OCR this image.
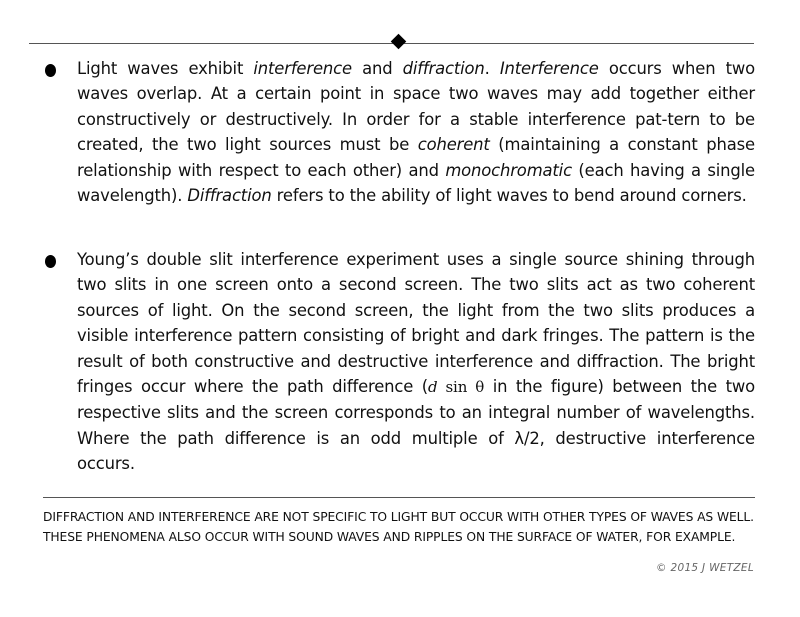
Light waves exhibit interference and diffraction. Interference occurs when two waves overlap. At a certain point in space two waves may add together either constructively or destructively. In order for a stable interference pat-tern to be created, the two light sources must be coherent (maintaining a constant phase relationship with respect to each other) and monochromatic (each having a single wavelength). Diffraction refers to the ability of light waves to bend around corners.
Young’s double slit interference experiment uses a single source shining through two slits in one screen onto a second screen. The two slits act as two coherent sources of light. On the second screen, the light from the two slits produces a visible interference pattern consisting of bright and dark fringes. The pattern is the result of both constructive and destructive interference and diffraction. The bright fringes occur where the path difference (d sin θ in the figure) between the two respective slits and the screen corresponds to an integral number of wavelengths. Where the path difference is an odd multiple of λ/2, destructive interference occurs.
DIFFRACTION AND INTERFERENCE ARE NOT SPECIFIC TO LIGHT BUT OCCUR WITH OTHER TYPES OF WAVES AS WELL. THESE PHENOMENA ALSO OCCUR WITH SOUND WAVES AND RIPPLES ON THE SURFACE OF WATER, FOR EXAMPLE.
© 2015 J WETZEL
